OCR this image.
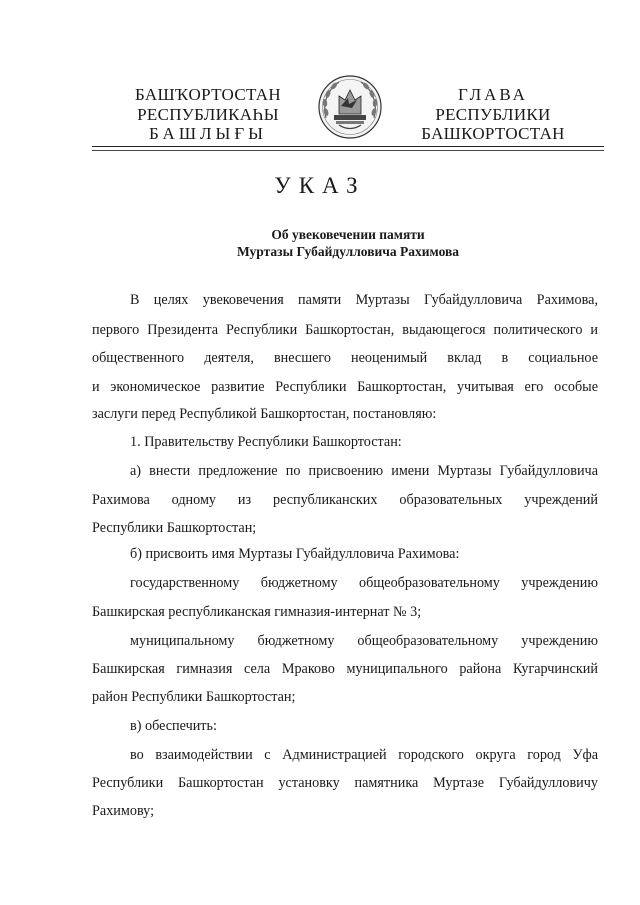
БАШҠОРТОСТАН
РЕСПУБЛИКАҺЫ
БАШЛЫҒЫ
ГЛАВА
РЕСПУБЛИКИ
БАШКОРТОСТАН
УКАЗ
Об увековечении памяти
Муртазы Губайдулловича Рахимова
В целях увековечения памяти Муртазы Губайдулловича Рахимова,
первого Президента Республики Башкортостан, выдающегося политического и
общественного деятеля, внесшего неоценимый вклад в социальное
и экономическое развитие Республики Башкортостан, учитывая его особые
заслуги перед Республикой Башкортостан, постановляю:
1. Правительству Республики Башкортостан:
а) внести предложение по присвоению имени Муртазы Губайдулловича
Рахимова одному из республиканских образовательных учреждений
Республики Башкортостан;
б) присвоить имя Муртазы Губайдулловича Рахимова:
государственному бюджетному общеобразовательному учреждению
Башкирская республиканская гимназия-интернат № 3;
муниципальному бюджетному общеобразовательному учреждению
Башкирская гимназия села Мраково муниципального района Кугарчинский
район Республики Башкортостан;
в) обеспечить:
во взаимодействии с Администрацией городского округа город Уфа
Республики Башкортостан установку памятника Муртазе Губайдулловичу
Рахимову;
